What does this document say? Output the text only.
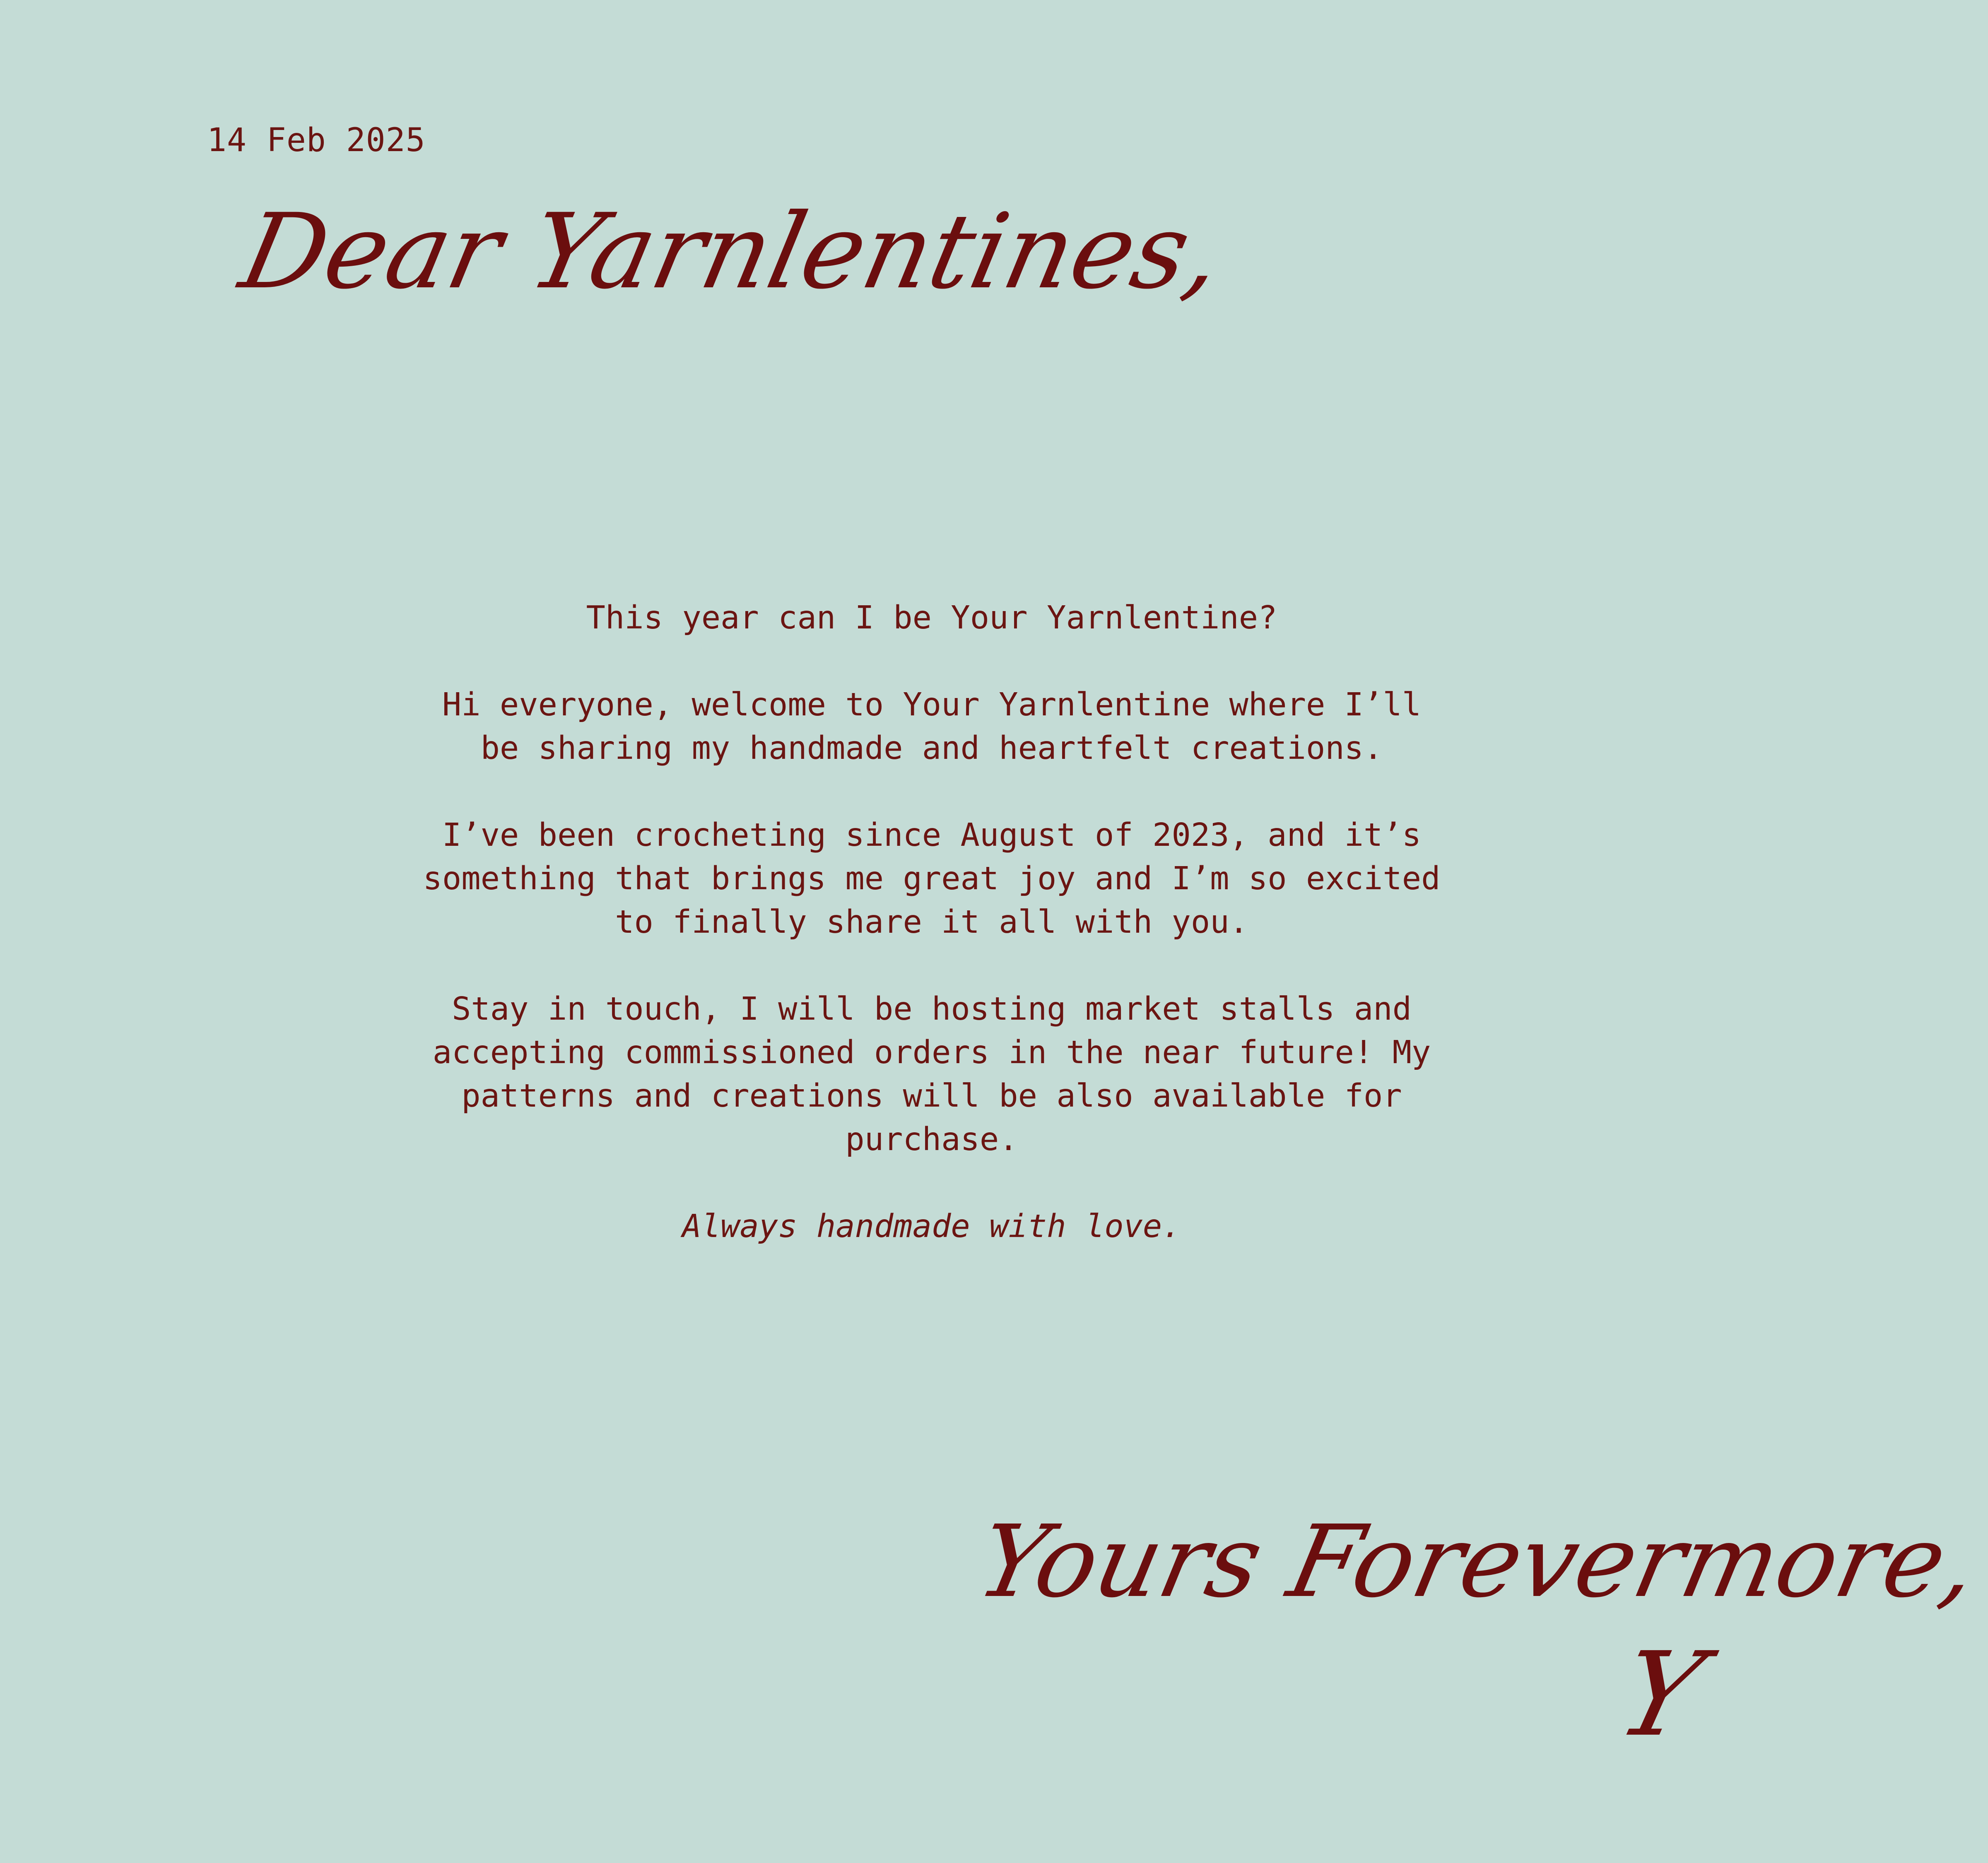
14 Feb 2025
Dear Yarnlentines,

This year can I be Your Yarnlentine?

Hi everyone, welcome to Your Yarnlentine where I’ll be sharing my handmade and heartfelt creations.

I’ve been crocheting since August of 2023, and it’s something that brings me great joy and I’m so excited to finally share it all with you.

Stay in touch, I will be hosting market stalls and accepting commissioned orders in the near future! My patterns and creations will be also available for purchase.

Always handmade with love.

Yours Forevermore,
Y
